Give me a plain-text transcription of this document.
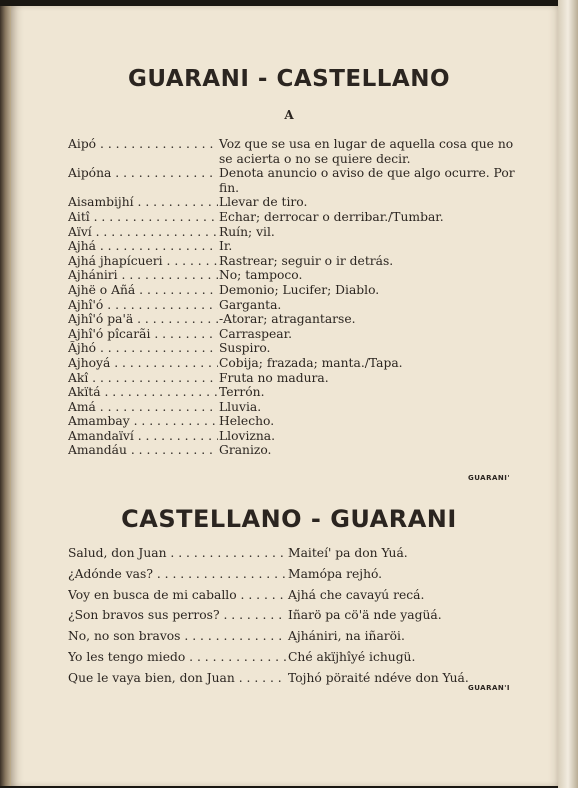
GUARANI - CASTELLANO
A
Aipó . . .	Voz que se usa en lugar de aquella cosa que no se acierta o no se quiere decir.
Aipóna . . .	Denota anuncio o aviso de que algo ocurre. Por fin.
Aisambijhí . . .	Llevar de tiro.
Aitî . . .	Echar; derrocar o derribar./Tumbar.
Aïví . . .	Ruín; vil.
Ajhá . . .	Ir.
Ajhá jhapícueri . . .	Rastrear; seguir o ir detrás.
Ajhániri . . .	No; tampoco.
Ajhë o Añá . . .	Demonio; Lucifer; Diablo.
Ajhî'ó . . .	Garganta.
Ajhî'ó pa'ä . . .	-Atorar; atragantarse.
Ajhî'ó pîcarãi . . .	Carraspear.
Ãjhó . . .	Suspiro.
Ajhoyá . . .	Cobija; frazada; manta./Tapa.
Akî . . .	Fruta no madura.
Akïtá . . .	Terrón.
Amá . . .	Lluvia.
Amambay . . .	Helecho.
Amandaïví . . .	Llovizna.
Amandáu . . .	Granizo.
GUARANI'
CASTELLANO - GUARANI
Salud, don Juan . . .	Maiteí' pa don Yuá.
¿Adónde vas? . . .	Mamópa rejhó.
Voy en busca de mi caballo . . .	Ajhá che cavayú recá.
¿Son bravos sus perros? . . .	Iñarö pa cö'ä nde yagüá.
No, no son bravos . . .	Ajhániri, na iñaröi.
Yo les tengo miedo . . .	Ché akïjhîyé ichugü.
Que le vaya bien, don Juan . . .	Tojhó pöraité ndéve don Yuá.
GUARAN'I
